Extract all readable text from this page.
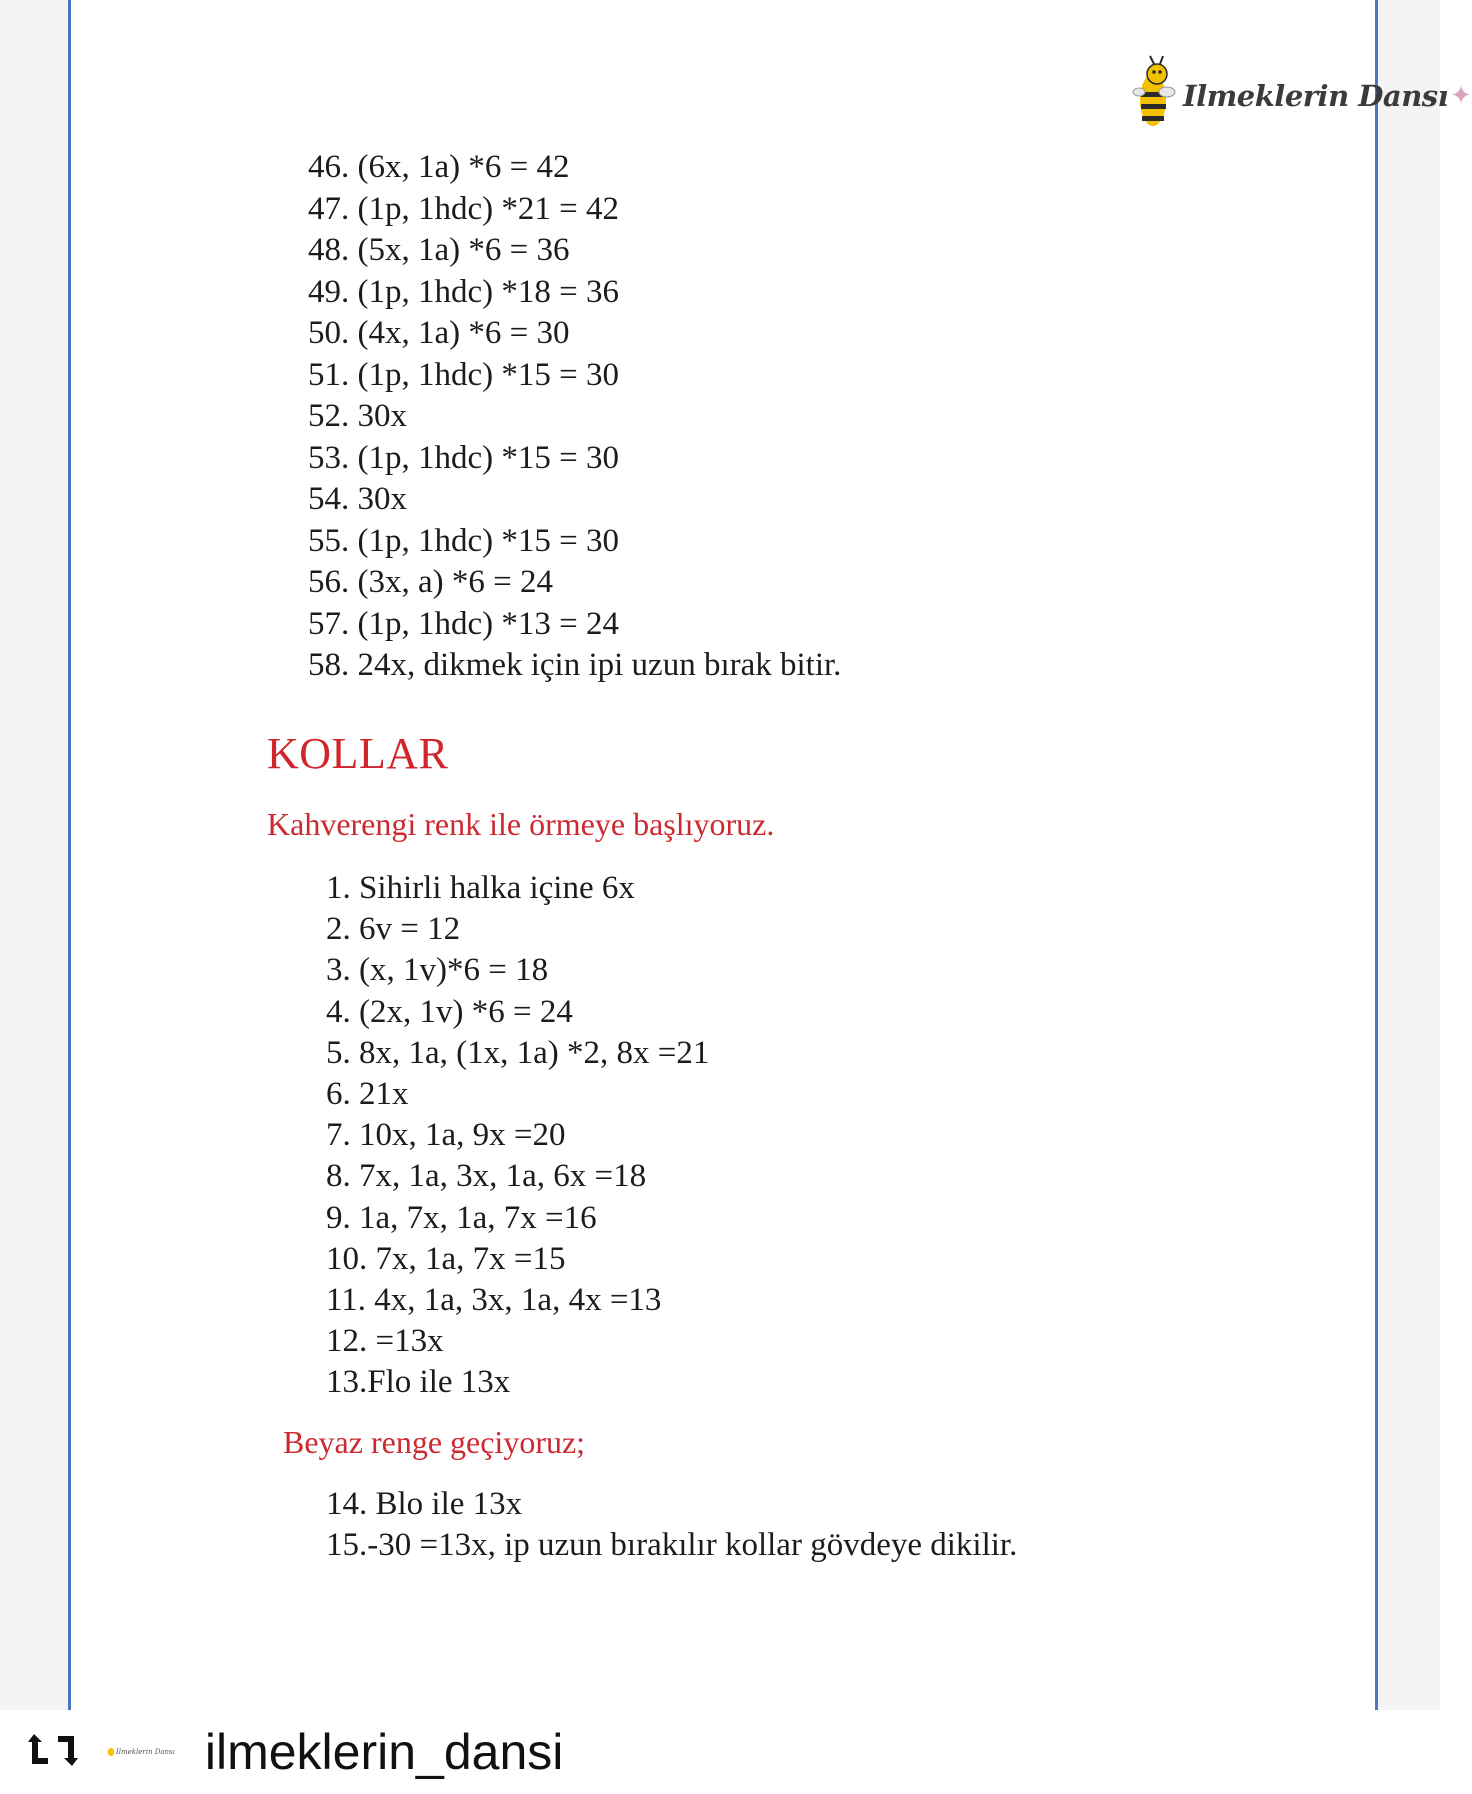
Ilmeklerin Dansı ✦
46. (6x, 1a) *6 = 42
47. (1p, 1hdc) *21 = 42
48. (5x, 1a) *6 = 36
49. (1p, 1hdc) *18 = 36
50. (4x, 1a) *6 = 30
51. (1p, 1hdc) *15 = 30
52. 30x
53. (1p, 1hdc) *15 = 30
54. 30x
55. (1p, 1hdc) *15 = 30
56. (3x, a) *6 = 24
57. (1p, 1hdc) *13 = 24
58. 24x, dikmek için ipi uzun bırak bitir.
KOLLAR

Kahverengi renk ile örmeye başlıyoruz.

1. Sihirli halka içine 6x
2. 6v = 12
3. (x, 1v)*6 = 18
4. (2x, 1v) *6 = 24
5. 8x, 1a, (1x, 1a) *2, 8x =21
6. 21x
7. 10x, 1a, 9x =20
8. 7x, 1a, 3x, 1a, 6x =18
9. 1a, 7x, 1a, 7x =16
10. 7x, 1a, 7x =15
11. 4x, 1a, 3x, 1a, 4x =13
12. =13x
13.Flo ile 13x

Beyaz renge geçiyoruz;

14. Blo ile 13x
15.-30 =13x, ip uzun bırakılır kollar gövdeye dikilir.
Ilmeklerin Dansı ilmeklerin_dansi
